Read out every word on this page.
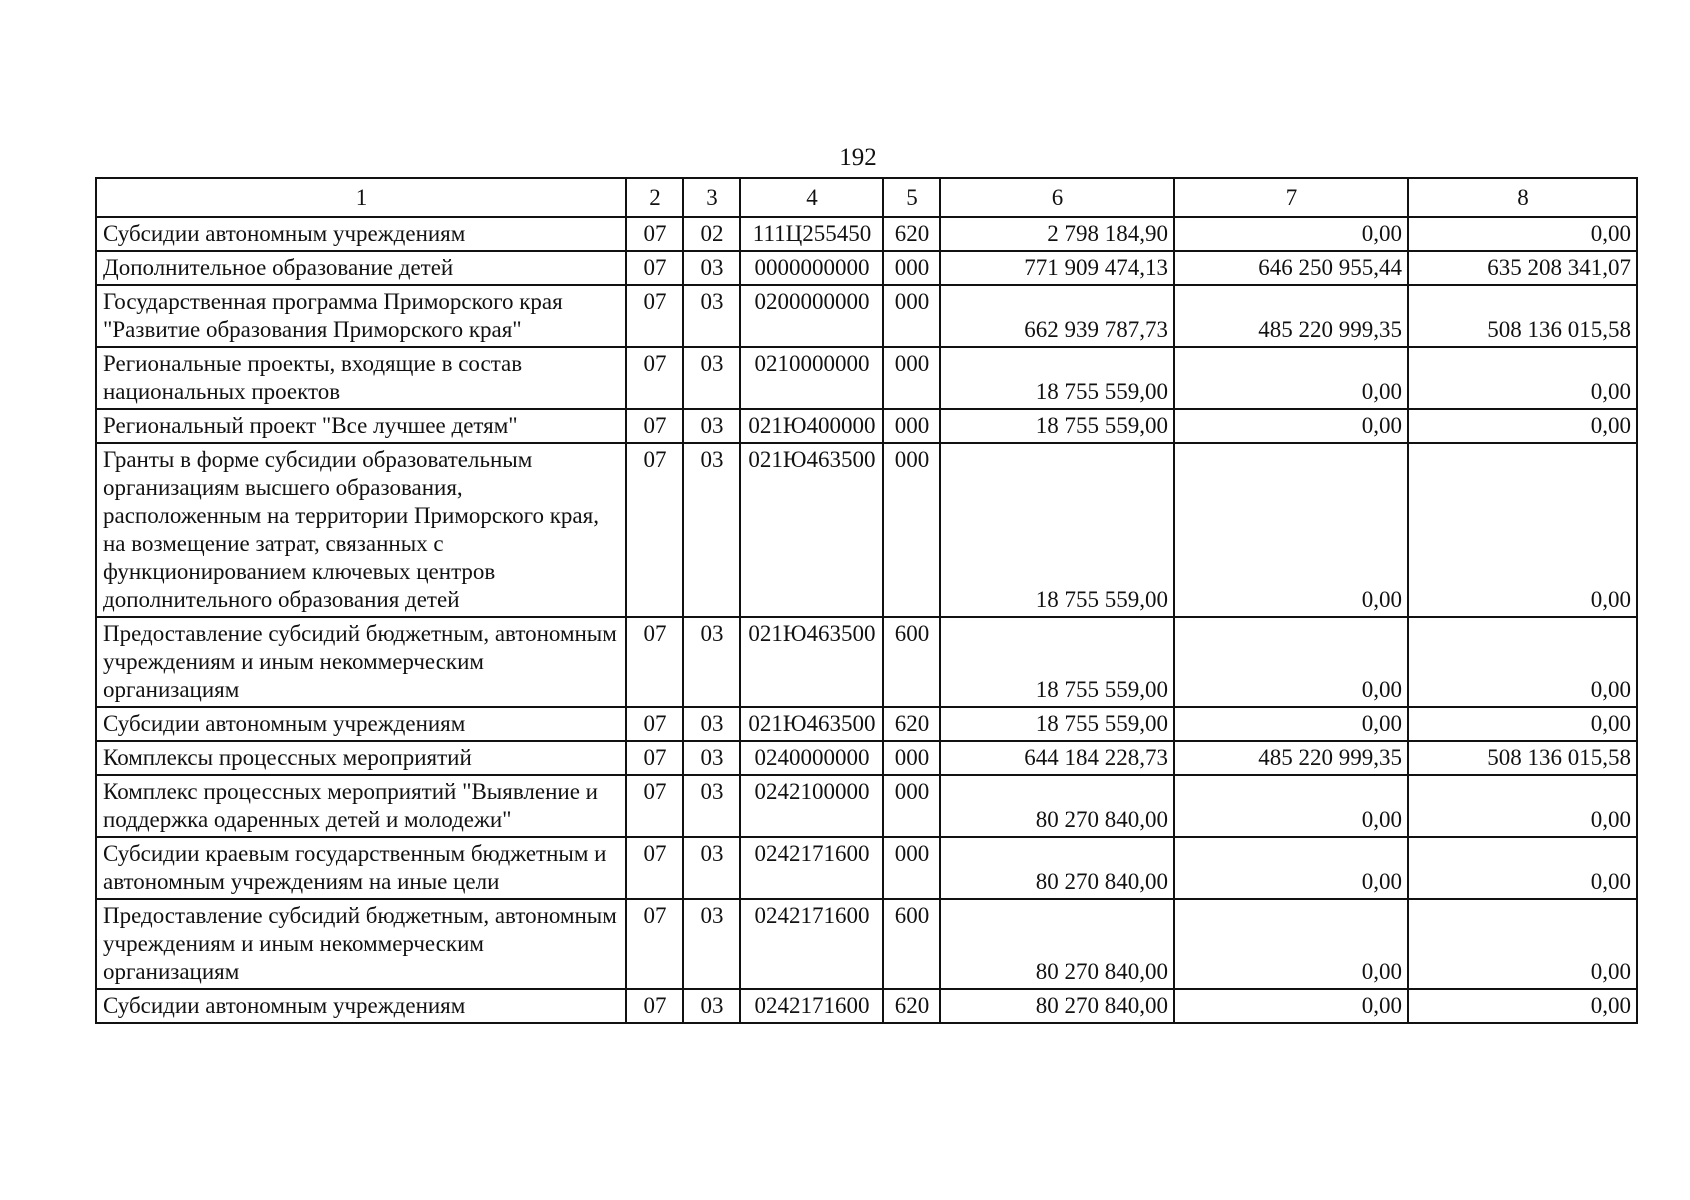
192
1	2	3	4	5	6	7	8
Субсидии автономным учреждениям	07	02	111Ц255450	620	2 798 184,90	0,00	0,00
Дополнительное образование детей	07	03	0000000000	000	771 909 474,13	646 250 955,44	635 208 341,07
Государственная программа Приморского края "Развитие образования Приморского края"	07	03	0200000000	000	662 939 787,73	485 220 999,35	508 136 015,58
Региональные проекты, входящие в состав национальных проектов	07	03	0210000000	000	18 755 559,00	0,00	0,00
Региональный проект "Все лучшее детям"	07	03	021Ю400000	000	18 755 559,00	0,00	0,00
Гранты в форме субсидии образовательным организациям высшего образования, расположенным на территории Приморского края, на возмещение затрат, связанных с функционированием ключевых центров дополнительного образования детей	07	03	021Ю463500	000	18 755 559,00	0,00	0,00
Предоставление субсидий бюджетным, автономным учреждениям и иным некоммерческим организациям	07	03	021Ю463500	600	18 755 559,00	0,00	0,00
Субсидии автономным учреждениям	07	03	021Ю463500	620	18 755 559,00	0,00	0,00
Комплексы процессных мероприятий	07	03	0240000000	000	644 184 228,73	485 220 999,35	508 136 015,58
Комплекс процессных мероприятий "Выявление и поддержка одаренных детей и молодежи"	07	03	0242100000	000	80 270 840,00	0,00	0,00
Субсидии краевым государственным бюджетным и автономным учреждениям на иные цели	07	03	0242171600	000	80 270 840,00	0,00	0,00
Предоставление субсидий бюджетным, автономным учреждениям и иным некоммерческим организациям	07	03	0242171600	600	80 270 840,00	0,00	0,00
Субсидии автономным учреждениям	07	03	0242171600	620	80 270 840,00	0,00	0,00
